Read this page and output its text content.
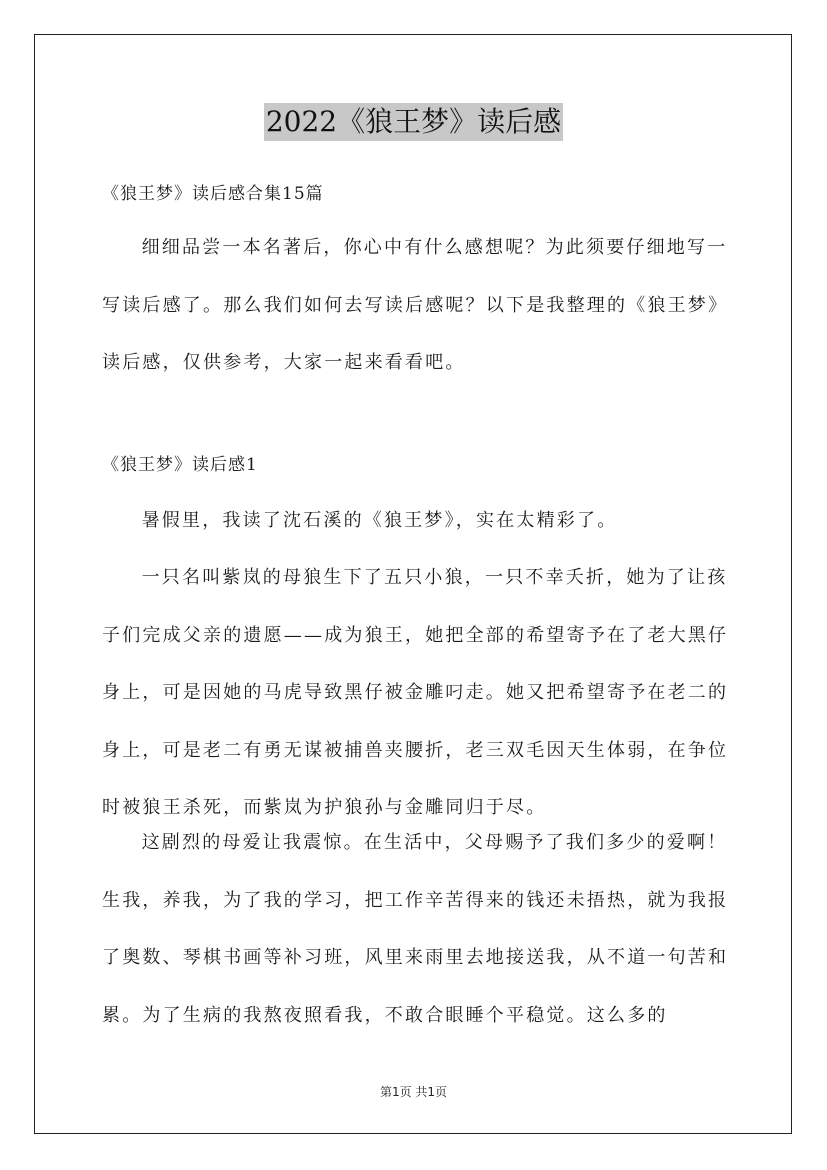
2022《狼王梦》读后感
《狼王梦》读后感合集15篇

细细品尝一本名著后，你心中有什么感想呢？为此须要仔细地写一写读后感了。那么我们如何去写读后感呢？以下是我整理的《狼王梦》读后感，仅供参考，大家一起来看看吧。

《狼王梦》读后感1

暑假里，我读了沈石溪的《狼王梦》，实在太精彩了。

一只名叫紫岚的母狼生下了五只小狼，一只不幸夭折，她为了让孩子们完成父亲的遗愿——成为狼王，她把全部的希望寄予在了老大黑仔身上，可是因她的马虎导致黑仔被金雕叼走。她又把希望寄予在老二的身上，可是老二有勇无谋被捕兽夹腰折，老三双毛因天生体弱，在争位时被狼王杀死，而紫岚为护狼孙与金雕同归于尽。

这剧烈的母爱让我震惊。在生活中，父母赐予了我们多少的爱啊！生我，养我，为了我的学习，把工作辛苦得来的钱还未捂热，就为我报了奥数、琴棋书画等补习班，风里来雨里去地接送我，从不道一句苦和累。为了生病的我熬夜照看我，不敢合眼睡个平稳觉。这么多的

第1页 共1页
